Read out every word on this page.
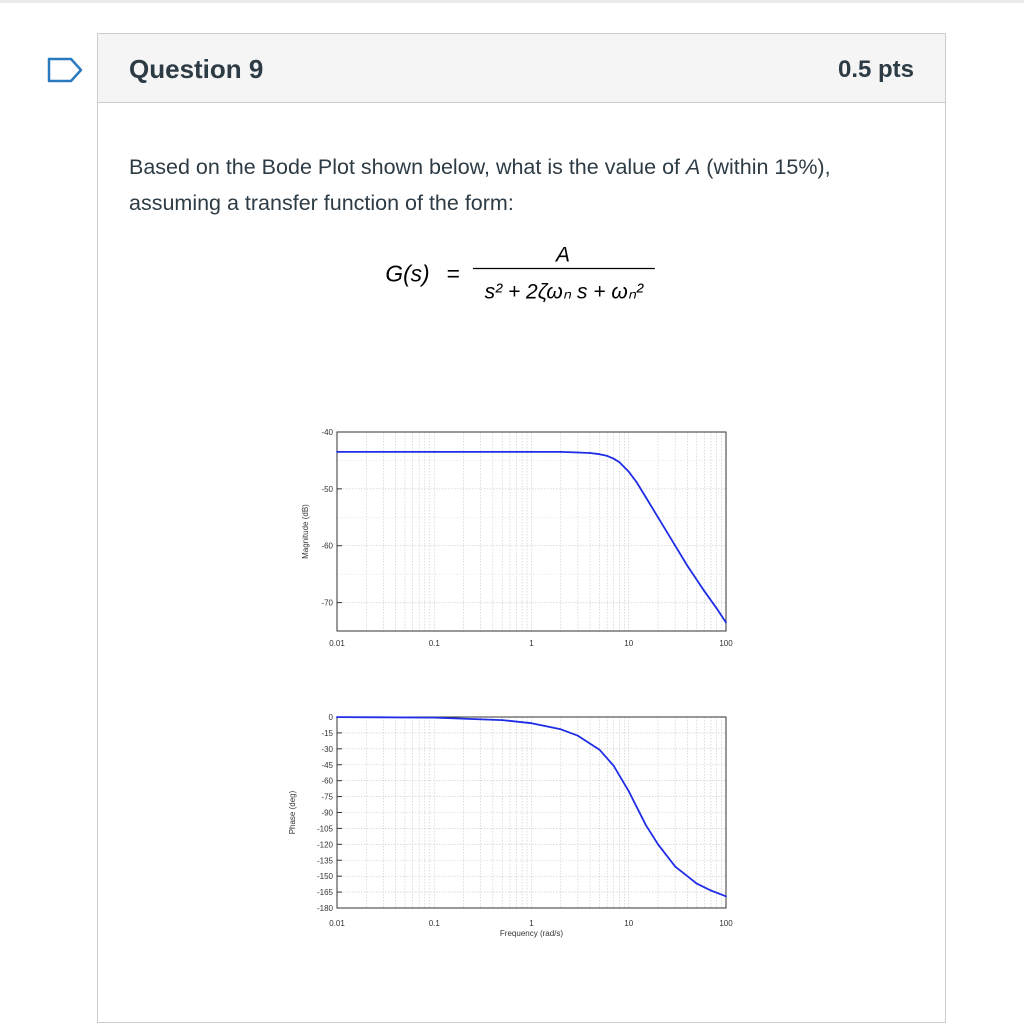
Question 9	0.5 pts
Based on the Bode Plot shown below, what is the value of A (within 15%), assuming a transfer function of the form:
G(s) =
A
s² + 2ζωₙ s + ωₙ²
-40
-50
-60
-70
0.01	0.1	1	10	100
Magnitude (dB)
0
-15
-30
-45
-60
-75
-90
-105
-120
-135
-150
-165
-180
0.01	0.1	1	10	100
Phase (deg)
Frequency (rad/s)
